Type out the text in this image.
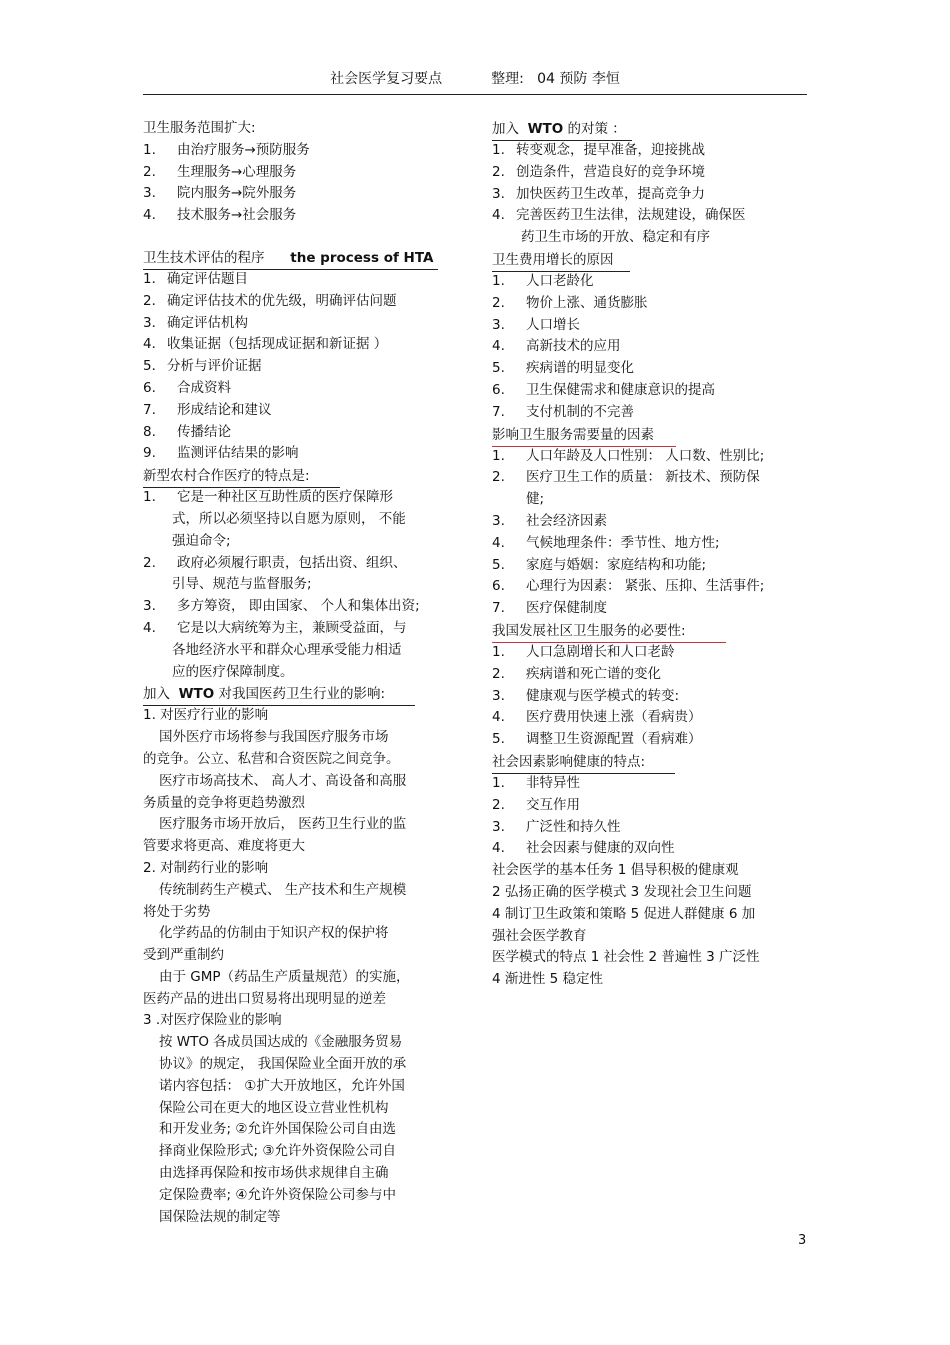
社会医学复习要点	整理: 04 预防 李恒
卫生服务范围扩大:
1. 由治疗服务→预防服务
2. 生理服务→心理服务
3. 院内服务→院外服务
4. 技术服务→社会服务
卫生技术评估的程序 the process of HTA
1． 确定评估题目
2． 确定评估技术的优先级，明确评估问题
3． 确定评估机构
4． 收集证据（包括现成证据和新证据 ）
5． 分析与评价证据
6. 合成资料
7. 形成结论和建议
8. 传播结论
9. 监测评估结果的影响
新型农村合作医疗的特点是:
1. 它是一种社区互助性质的医疗保障形
式，所以必须坚持以自愿为原则， 不能
强迫命令;
2. 政府必须履行职责，包括出资、组织、
引导、规范与监督服务;
3. 多方筹资， 即由国家、 个人和集体出资;
4. 它是以大病统筹为主，兼顾受益面，与
各地经济水平和群众心理承受能力相适
应的医疗保障制度。
加入 WTO 对我国医药卫生行业的影响:
1. 对医疗行业的影响
国外医疗市场将参与我国医疗服务市场
的竞争。公立、私营和合资医院之间竞争。
医疗市场高技术、 高人才、高设备和高服
务质量的竞争将更趋势激烈
医疗服务市场开放后， 医药卫生行业的监
管要求将更高、难度将更大
2. 对制药行业的影响
传统制药生产模式、 生产技术和生产规模
将处于劣势
化学药品的仿制由于知识产权的保护将
受到严重制约
由于 GMP（药品生产质量规范）的实施，
医药产品的进出口贸易将出现明显的逆差
3 .对医疗保险业的影响
按 WTO 各成员国达成的《金融服务贸易
协议》的规定， 我国保险业全面开放的承
诺内容包括： ①扩大开放地区，允许外国
保险公司在更大的地区设立营业性机构
和开发业务; ②允许外国保险公司自由选
择商业保险形式; ③允许外资保险公司自
由选择再保险和按市场供求规律自主确
定保险费率; ④允许外资保险公司参与中
国保险法规的制定等
加入 WTO 的对策 ：
1. 转变观念，提早准备，迎接挑战
2. 创造条件，营造良好的竞争环境
3. 加快医药卫生改革，提高竞争力
4. 完善医药卫生法律，法规建设，确保医
药卫生市场的开放、稳定和有序
卫生费用增长的原因
1. 人口老龄化
2. 物价上涨、通货膨胀
3. 人口增长
4. 高新技术的应用
5. 疾病谱的明显变化
6. 卫生保健需求和健康意识的提高
7. 支付机制的不完善
影响卫生服务需要量的因素
1. 人口年龄及人口性别： 人口数、性别比;
2. 医疗卫生工作的质量： 新技术、预防保
健;
3. 社会经济因素
4. 气候地理条件：季节性、地方性;
5. 家庭与婚姻：家庭结构和功能;
6. 心理行为因素： 紧张、压抑、生活事件;
7. 医疗保健制度
我国发展社区卫生服务的必要性:
1. 人口急剧增长和人口老龄
2. 疾病谱和死亡谱的变化
3. 健康观与医学模式的转变:
4. 医疗费用快速上涨（看病贵）
5. 调整卫生资源配置（看病难）
社会因素影响健康的特点:
1. 非特异性
2. 交互作用
3. 广泛性和持久性
4. 社会因素与健康的双向性
社会医学的基本任务 1 倡导积极的健康观
2 弘扬正确的医学模式 3 发现社会卫生问题
4 制订卫生政策和策略 5 促进人群健康 6 加
强社会医学教育
医学模式的特点 1 社会性 2 普遍性 3 广泛性
4 渐进性 5 稳定性
3
